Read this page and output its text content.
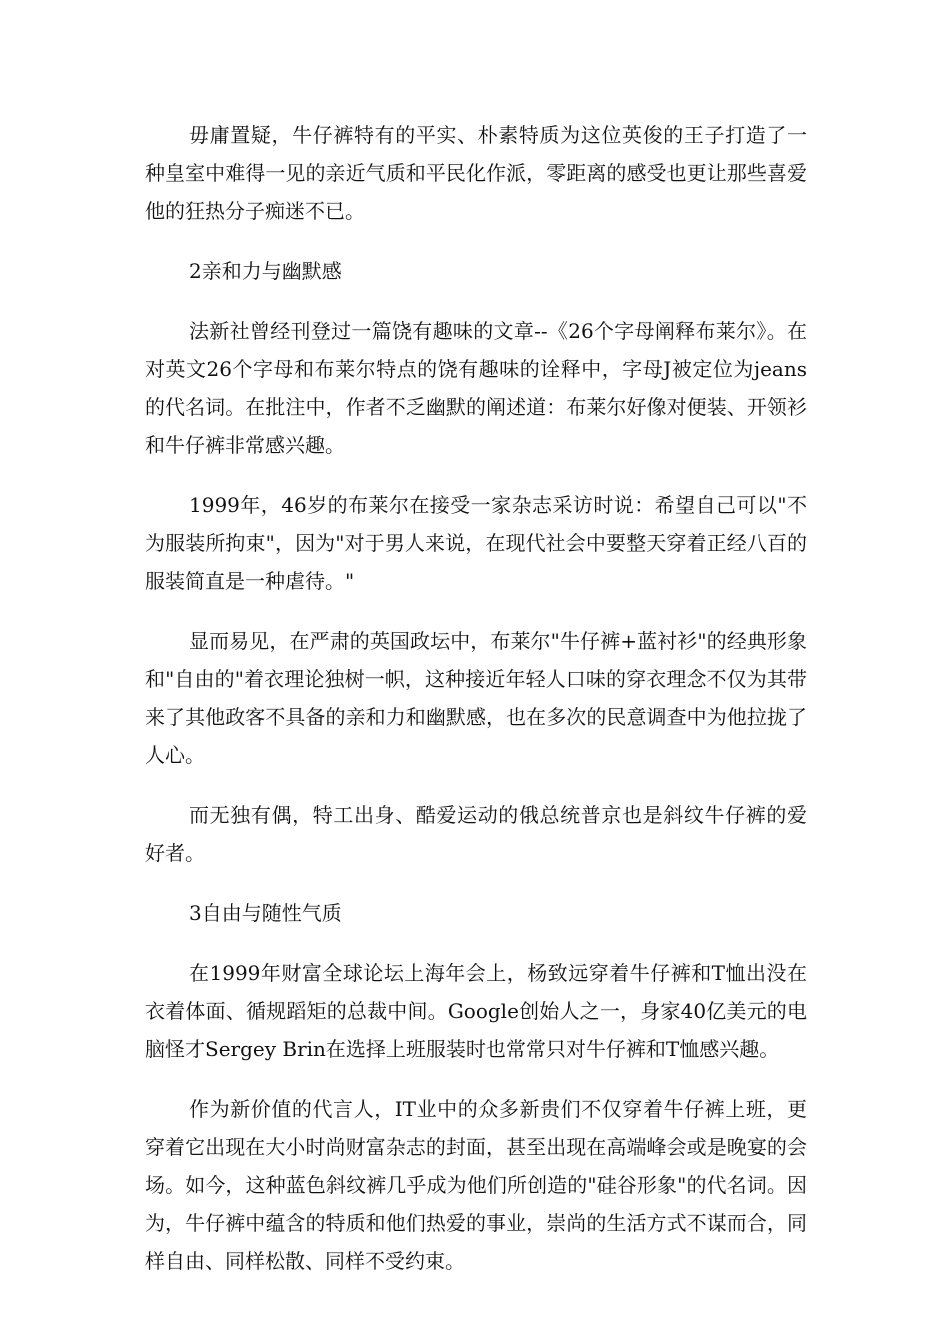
毋庸置疑，牛仔裤特有的平实、朴素特质为这位英俊的王子打造了一种皇室中难得一见的亲近气质和平民化作派，零距离的感受也更让那些喜爱他的狂热分子痴迷不已。

2亲和力与幽默感

法新社曾经刊登过一篇饶有趣味的文章--《26个字母阐释布莱尔》。在对英文26个字母和布莱尔特点的饶有趣味的诠释中，字母J被定位为jeans的代名词。在批注中，作者不乏幽默的阐述道：布莱尔好像对便装、开领衫和牛仔裤非常感兴趣。

1999年，46岁的布莱尔在接受一家杂志采访时说：希望自己可以"不为服装所拘束"，因为"对于男人来说，在现代社会中要整天穿着正经八百的服装简直是一种虐待。"

显而易见，在严肃的英国政坛中，布莱尔"牛仔裤+蓝衬衫"的经典形象和"自由的"着衣理论独树一帜，这种接近年轻人口味的穿衣理念不仅为其带来了其他政客不具备的亲和力和幽默感，也在多次的民意调查中为他拉拢了人心。

而无独有偶，特工出身、酷爱运动的俄总统普京也是斜纹牛仔裤的爱好者。

3自由与随性气质

在1999年财富全球论坛上海年会上，杨致远穿着牛仔裤和T恤出没在衣着体面、循规蹈矩的总裁中间。Google创始人之一，身家40亿美元的电脑怪才Sergey Brin在选择上班服装时也常常只对牛仔裤和T恤感兴趣。

作为新价值的代言人，IT业中的众多新贵们不仅穿着牛仔裤上班，更穿着它出现在大小时尚财富杂志的封面，甚至出现在高端峰会或是晚宴的会场。如今，这种蓝色斜纹裤几乎成为他们所创造的"硅谷形象"的代名词。因为，牛仔裤中蕴含的特质和他们热爱的事业，崇尚的生活方式不谋而合，同样自由、同样松散、同样不受约束。
